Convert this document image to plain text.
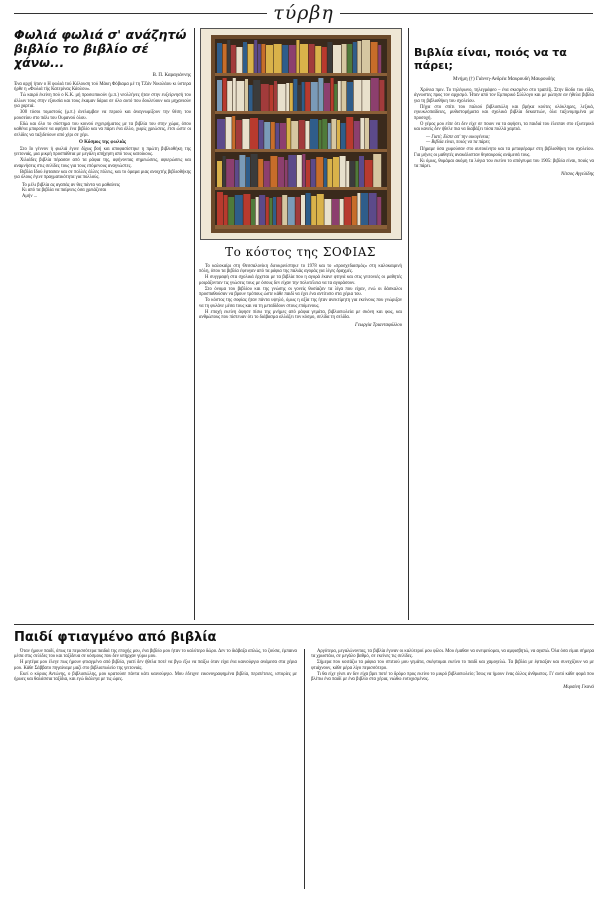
τύρβη
Φωλιά φωλιά σ' ανάζητώ βιβλίο το βιβλίο σέ χάνω...
Β. Π. Καραγιάννης

Ένα αρχή ήταν ο Η φωλιά τού Κόλουση τού Μάκη Φόβιαμα μέ τη ΤΖάν Νικολάου κι ύστερα ήρθε η «Φωλιά τής Κατερίνας Κάολου».

Τώ καιρό έκείνη πού ο Κ.Κ. μή προσωπικούν (μ.π.) νεολλήνες ήταν στην ευξείρνησή του άλλων τους στην εξουσία και τους έκαμαν δάρια σε όλο αυτό που δουλεύουν και μηχανιούν για χαρτιά.

300 τόσοι τομιστούς (μ.π.) άνελαμβαν να περιού και άναγνωμίζουν την θέση του μουσείου στο πάλι του Ουρανού όλου.

Εδώ και όλο το σύστημα του κοινού εγχειρήματος με τα βιβλία του στην χώρα, όπου καθένα μπορούσε να αφήσει ένα βιβλίο και να πάρει ένα άλλο, χωρίς χρεώσεις, έτσι ώστε οι σελίδες να ταξιδεύουν από χέρι σε χέρι.

Ο Κόσμος της φωλιάς

Στο Ιο γέννον ή φωλιά έγινε δίχως βοή και αποφασίστηκε η πρώτη βιβλιοθήκη της γειτονιάς, μια μικρή προσπάθεια με μεγάλη απήχηση από τους κατοίκους.

Χιλιάδες βιβλία πέρασαν από τα ράφια της, αφήνοντας σημειώσεις, αφιερώσεις και αναμνήσεις στις σελίδες τους για τους επόμενους αναγνώστες.

Βιβλία Ιδού έφτασαν και σε πολλές άλλες πόλεις, και το όραμα μιας ανοιχτής βιβλιοθήκης για όλους έγινε πραγματικότητα για πολλούς.

Το μέλι βιβλία ας αγαπάς αν θες πάντα να μαθαίνεις
Κι από τα βιβλία να παίρνεις όσα χρειάζεσαι
Αμήν ...
Το κόστος της ΣΟΦΙΑΣ

Το καλοκαίρι στη Θεσσαλονίκη διευκρινίστηκε το 1978 και το «προσχεδιασμός» στη καλοκαιρινή πόλη, όπου τα βιβλία έφευγαν από τα ράφια της παλιάς αγοράς για λίγες δραχμές.

Η συγγραφή στα σχολικά έρχεται με τα βιβλία που η αγορά έκανε φτηνά και στις γειτονιές οι μαθητές μοιράζονταν τις γνώσεις τους με όσους δεν είχαν την πολυτέλεια να τα αγοράσουν.

Στο όνομα του βιβλίου και της γνώσης οι γονείς θυσίαζαν τα λίγα που είχαν, ενώ οι δάσκαλοι προσπαθούσαν να βρουν τρόπους ώστε κάθε παιδί να έχει ένα αντίτυπο στα χέρια του.

Το κόστος της σοφίας ήταν πάντα υψηλό, όμως η αξία της ήταν ανεκτίμητη για εκείνους που γνώριζαν να τη φυλάνε μέσα τους και να τη μεταδίδουν στους επόμενους.

Η εποχή εκείνη άφησε πίσω της μνήμες από ράφια γεμάτα, βιβλιοπωλεία με σκόνη και φως, και ανθρώπους που πίστευαν ότι το διάβασμα αλλάζει τον κόσμο, σελίδα τη σελίδα.

Γεωργία Τριανταφύλλου
Βιβλία είναι, ποιός να τα πάρει;
Μνήμη (†) Γιάννη-Ανδρέα Μαυρουδή Μαυρουδής

Χρόνια πριν. Το τηλέφωνο, τηλεγράφεο – ένα σκισμένο στο τραπέζι. Στην δίοδο του είδα, άγνωστες προς τον αρχισμό. Ήταν από τον Εμπορικό Σύλλογο και με ρώτησε αν ήθελα βιβλία για τη βιβλιοθήκη του σχολείου.

Πήγα στο σπίτι του παλιού βιβλιοπώλη και βρήκα κούτες ολόκληρες, λεξικά, εγκυκλοπαίδειες, μυθιστορήματα και σχολικά βιβλία δεκαετιών, όλα ταξινομημένα με προσοχή.

Ο γέρος μου είπε ότι δεν είχε σε ποιον να τα αφήσει, τα παιδιά του έλειπαν στο εξωτερικό και κανείς δεν ήθελε πια να διαβάζει τόσα πολλά χαρτιά.

— Γιατί; Είστε απ' την οικογένεια;
— Βιβλία είναι, ποιός να τα πάρει;

Πήραμε όσα χωρούσαν στο αυτοκίνητο και τα μεταφέραμε στη βιβλιοθήκη του σχολείου. Για μήνες οι μαθητές ανακάλυπταν θησαυρούς ανάμεσά τους.

Κι όμως, θυμάμαι ακόμη τα λόγια του εκείνο το απόγευμα του 1905: βιβλία είναι, ποιός να τα πάρει.

Νίτσος Αγγελίδης
Παιδί φτιαγμένο από βιβλία

Όταν ήμουν παιδί, όπως τα περισσότερα παιδιά της εποχής μου, ένα βιβλίο μου ήταν το καλύτερο δώρο. Δεν το διάβαζα απλώς, το ζούσα, έμπαινα μέσα στις σελίδες του και ταξίδευα σε κόσμους που δεν υπήρχαν γύρω μου.

Η μητέρα μου έλεγε πως ήμουν φτιαγμένο από βιβλία, γιατί δεν ήθελα ποτέ να βγω έξω να παίξω όταν είχα ένα καινούργιο ανάμεσα στα χέρια μου. Κάθε Σάββατο πηγαίναμε μαζί στο βιβλιοπωλείο της γειτονιάς.

Εκεί ο κύριος Αντώνης, ο βιβλιοπώλης, μου κρατούσε πάντα κάτι καινούργιο. Μου έδειχνε εικονογραφημένα βιβλία, περιπέτειες, ιστορίες με ήρωες και θαλάσσια ταξίδια, και εγώ διάλεγα με τις ώρες.

Αργότερα, μεγαλώνοντας, τα βιβλία έγιναν οι καλύτεροί μου φίλοι. Μου έμαθαν να ονειρεύομαι, να αμφισβητώ, να αγαπώ. Όλα όσα είμαι σήμερα τα χρωστάω, σε μεγάλο βαθμό, σε εκείνες τις σελίδες.

Σήμερα που κοιτάζω τα ράφια του σπιτιού μου γεμάτα, σκέφτομαι εκείνο το παιδί και χαμογελώ. Τα βιβλία με έφτιαξαν και συνεχίζουν να με φτιάχνουν, κάθε μέρα λίγο περισσότερο.

Τι θα είχε γίνει αν δεν είχα βρει ποτέ το δρόμο προς εκείνο το μικρό βιβλιοπωλείο; Ίσως να ήμουν ένας άλλος άνθρωπος. Γι' αυτό κάθε φορά που βλέπω ένα παιδί με ένα βιβλίο στα χέρια, νιώθω ευτυχισμένος.

Μυρσίνη Γκανά
